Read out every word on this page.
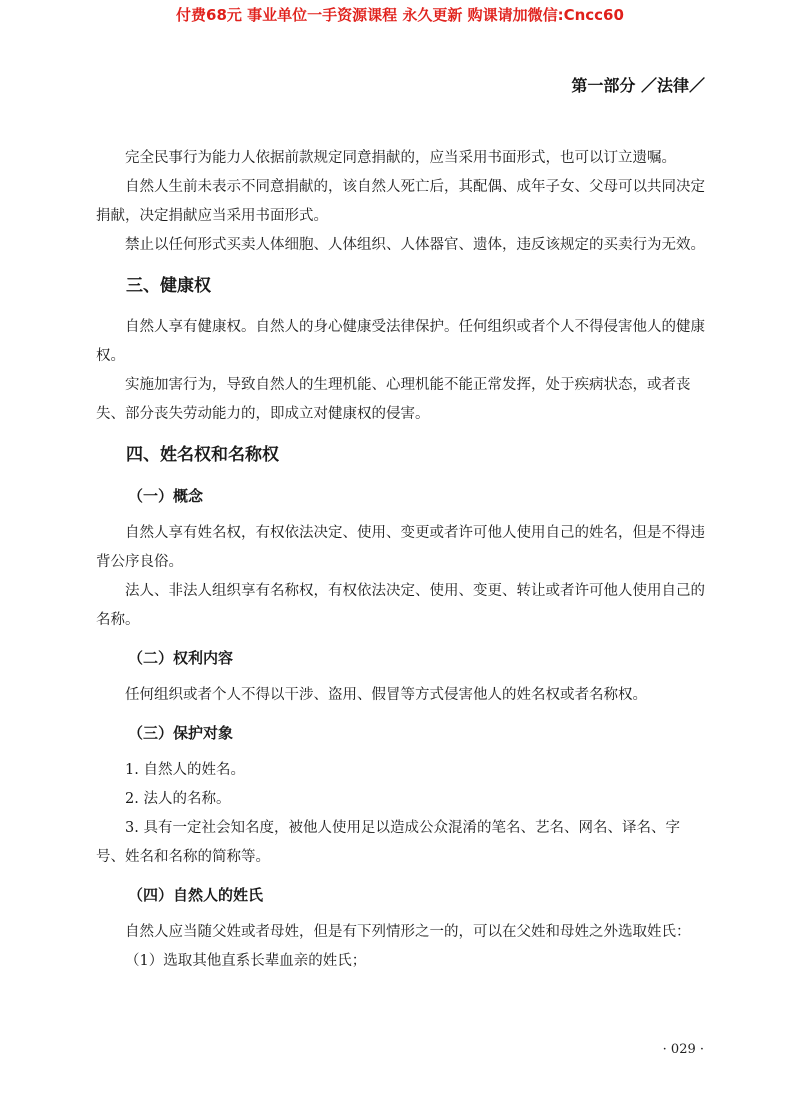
付费68元 事业单位一手资源课程 永久更新 购课请加微信:Cncc60
第一部分 ／法律／

完全民事行为能力人依据前款规定同意捐献的，应当采用书面形式，也可以订立遗嘱。

自然人生前未表示不同意捐献的，该自然人死亡后，其配偶、成年子女、父母可以共同决定捐献，决定捐献应当采用书面形式。

禁止以任何形式买卖人体细胞、人体组织、人体器官、遗体，违反该规定的买卖行为无效。

三、健康权

自然人享有健康权。自然人的身心健康受法律保护。任何组织或者个人不得侵害他人的健康权。

实施加害行为，导致自然人的生理机能、心理机能不能正常发挥，处于疾病状态，或者丧失、部分丧失劳动能力的，即成立对健康权的侵害。

四、姓名权和名称权

（一）概念

自然人享有姓名权，有权依法决定、使用、变更或者许可他人使用自己的姓名，但是不得违背公序良俗。

法人、非法人组织享有名称权，有权依法决定、使用、变更、转让或者许可他人使用自己的名称。

（二）权利内容

任何组织或者个人不得以干涉、盗用、假冒等方式侵害他人的姓名权或者名称权。

（三）保护对象

1. 自然人的姓名。

2. 法人的名称。

3. 具有一定社会知名度，被他人使用足以造成公众混淆的笔名、艺名、网名、译名、字号、姓名和名称的简称等。

（四）自然人的姓氏

自然人应当随父姓或者母姓，但是有下列情形之一的，可以在父姓和母姓之外选取姓氏：

（1）选取其他直系长辈血亲的姓氏；

· 029 ·
